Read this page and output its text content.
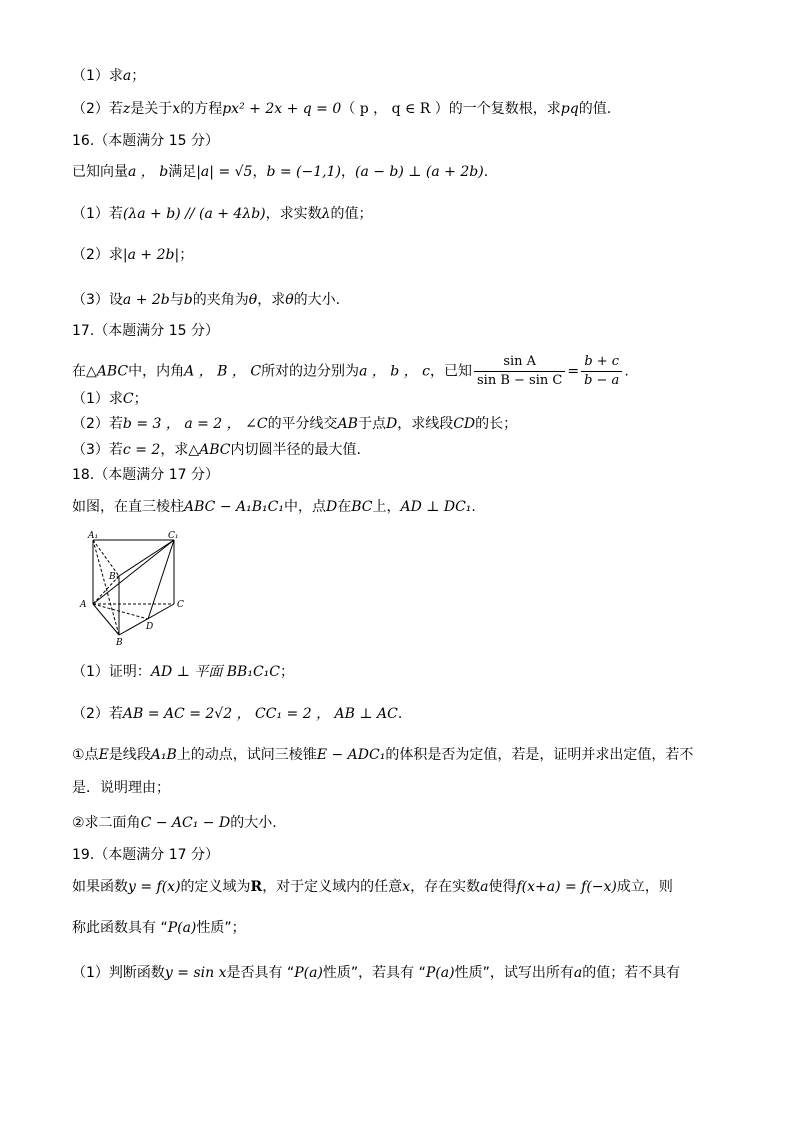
（1）求a；
（2）若z是关于x的方程px² + 2x + q = 0（ p ， q ∈ R ）的一个复数根，求pq的值.
16.（本题满分 15 分）
已知向量a ， b满足|a| = √5，b = (−1,1)，(a − b) ⊥ (a + 2b).
（1）若(λa + b) // (a + 4λb)，求实数λ的值；
（2）求|a + 2b|；
（3）设a + 2b与b的夹角为θ，求θ的大小.
17.（本题满分 15 分）
在△ABC中，内角A ， B ， C所对的边分别为a ， b ， c，已知 $\frac{\text{sin A}}{\text{sin B − sin C}} = \frac{b + c}{b - a}$ .
（1）求C；
（2）若b = 3 ， a = 2 ， ∠C的平分线交AB于点D，求线段CD的长；
（3）若c = 2，求△ABC内切圆半径的最大值.
18.（本题满分 17 分）
如图，在直三棱柱ABC − A₁B₁C₁中，点D在BC上，AD ⊥ DC₁.
A₁	C₁
B₁
A	C
D
B
（1）证明：AD ⊥ 平面 BB₁C₁C；
（2）若AB = AC = 2√2 ， CC₁ = 2 ， AB ⊥ AC.
①点E是线段A₁B上的动点，试问三棱锥E − ADC₁的体积是否为定值，若是，证明并求出定值，若不
是．说明理由；
②求二面角C − AC₁ − D的大小.
19.（本题满分 17 分）
如果函数y = f(x)的定义域为R，对于定义域内的任意x，存在实数a使得f(x+a) = f(−x)成立，则
称此函数具有 “P(a)性质”；
（1）判断函数y = sin x是否具有 “P(a)性质”，若具有 “P(a)性质”，试写出所有a的值；若不具有
